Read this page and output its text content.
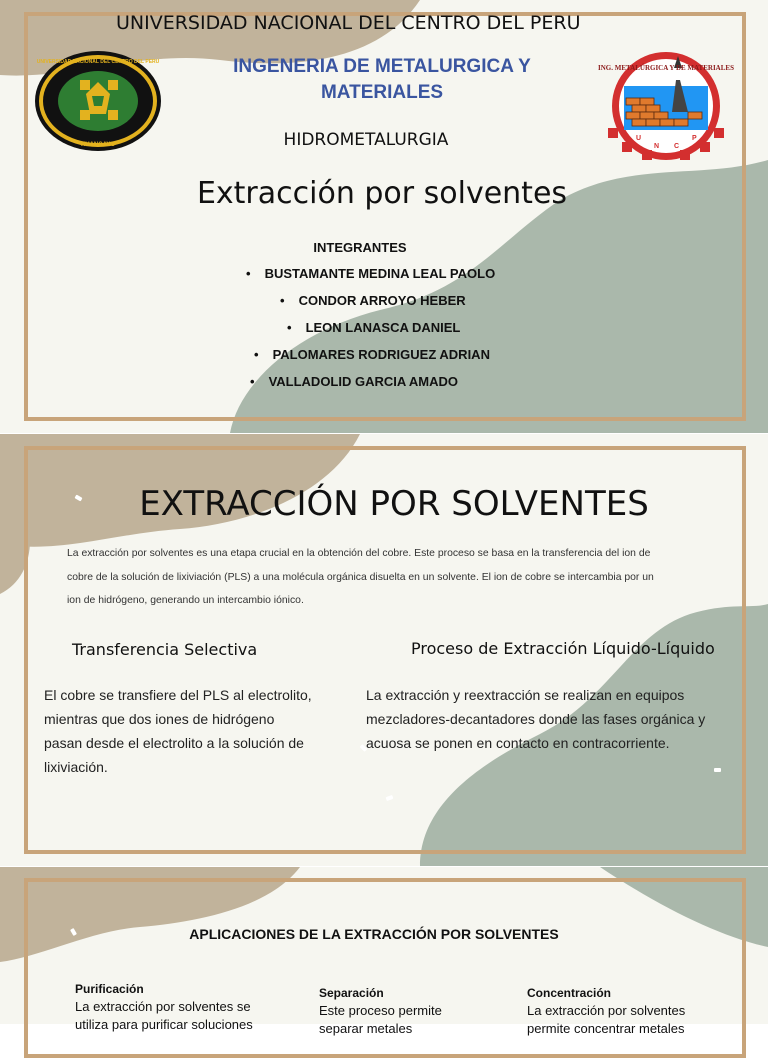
HUANCAYO
UNIVERSIDAD NACIONAL DEL CENTRO DEL PERU
ING. METALÚRGICA Y DE MATERIALES
U
N C
P
UNIVERSIDAD NACIONAL DEL CENTRO DEL PERU
INGENERIA DE METALURGICA Y
MATERIALES
HIDROMETALURGIA
Extracción por solventes
INTEGRANTES
• BUSTAMANTE MEDINA LEAL PAOLO
• CONDOR ARROYO HEBER
• LEON LANASCA DANIEL
• PALOMARES RODRIGUEZ ADRIAN
• VALLADOLID GARCIA AMADO
EXTRACCIÓN POR SOLVENTES
La extracción por solventes es una etapa crucial en la obtención del cobre. Este proceso se basa en la transferencia del ion de
cobre de la solución de lixiviación (PLS) a una molécula orgánica disuelta en un solvente. El ion de cobre se intercambia por un
ion de hidrógeno, generando un intercambio iónico.
Transferencia Selectiva
El cobre se transfiere del PLS al electrolito,
mientras que dos iones de hidrógeno
pasan desde el electrolito a la solución de
lixiviación.
Proceso de Extracción Líquido-Líquido
La extracción y reextracción se realizan en equipos
mezcladores-decantadores donde las fases orgánica y
acuosa se ponen en contacto en contracorriente.
APLICACIONES DE LA EXTRACCIÓN POR SOLVENTES
Purificación
La extracción por solventes se
utiliza para purificar soluciones
Separación
Este proceso permite
separar metales
Concentración
La extracción por solventes
permite concentrar metales
